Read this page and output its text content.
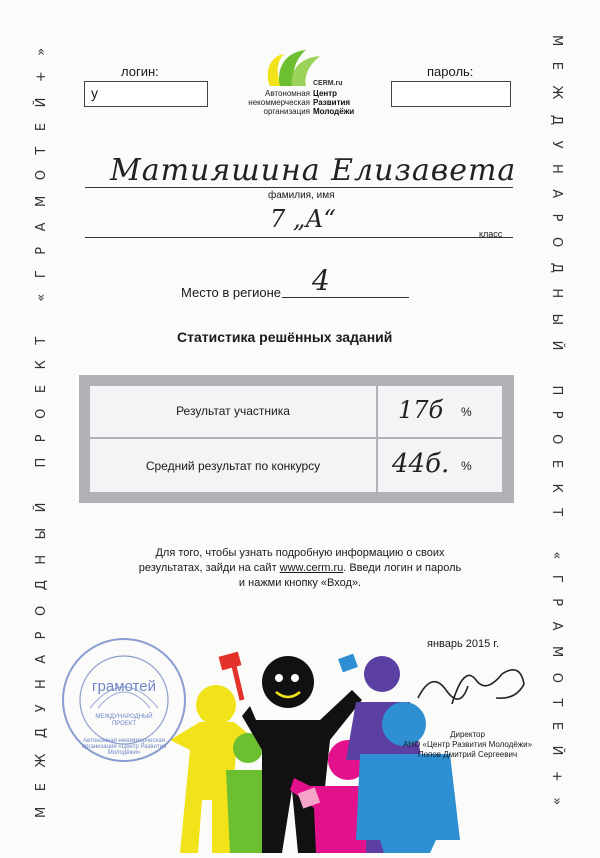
МЕЖДУНАРОДНЫЙ ПРОЕКТ «ГРАМОТЕЙ+»	МЕЖДУНАРОДНЫЙ ПРОЕКТ «ГРАМОТЕЙ+»
логин:
у
пароль:
Автономная
некоммерческая
организация
CERM.ru
Центр
Развития
Молодёжи
Матияшина Елизавета
фамилия, имя
7 „А“
класс
Место в регионе 4
Статистика решённых заданий
Результат участника	17б %
Средний результат по конкурсу	44б. %
Для того, чтобы узнать подробную информацию о своих
результатах, зайди на сайт www.cerm.ru. Введи логин и пароль
и нажми кнопку «Вход».
январь 2015 г.
грамотей
МЕЖДУНАРОДНЫЙ
ПРОЕКТ
Автономная некоммерческая организация «Центр Развития Молодёжи»
Директор
АНО «Центр Развития Молодёжи»
Попов Дмитрий Сергеевич
